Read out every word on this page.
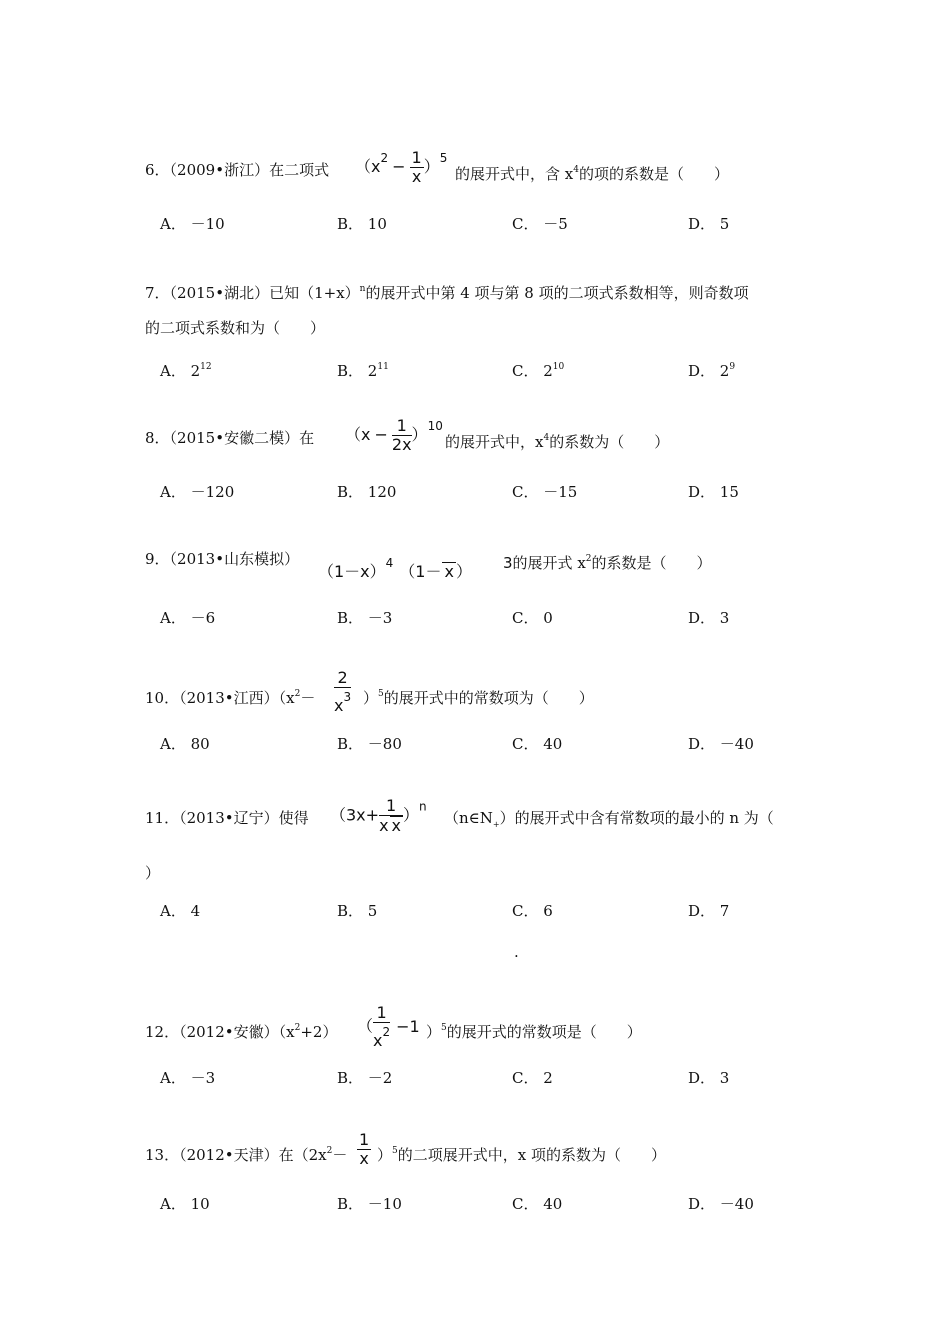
6．（2009•浙江）在二项式 $(x^2 - \frac{1}{x} )^5$
的展开式中，含 $x^4$的项的系数是（　　）
A． －10	B． 10	C． －5	D． 5
7．（2015•湖北）已知$(1+x)^n$的展开式中第 4 项与第 8 项的二项式系数相等，则奇数项
的二项式系数和为（　　）
A． $2^{12}$	B． $2^{11}$	C． $2^{10}$	D． $2^9$
8．（2015•安徽二模）在 $(x - \frac{1}{2x} )^{10}$
的展开式中，$x^4$的系数为（　　）
A． －120	B． 120	C． －15	D． 15
9．（2013•山东模拟）
$(1-x)^4$ （1－ x ） 3的展开式 $x^2$的系数是（　　）
A． －6	B． －3	C． 0	D． 3
10．（2013•江西）$(x^2- \frac{2}{x^3} )^5$的展开式中的常数项为（　　）
A． 80	B． －80	C． 40	D． －40
11．（2013•辽宁）使得 $(3x+ \frac{1}{\text{x x}} )^n$
$(n\in N_+)$的展开式中含有常数项的最小的 n 为（
）
A． 4	B． 5	C． 6	D． 7
.
12．（2012•安徽）$(x^2+2)$ （ $\frac{1}{x^2} -1$ ）$^5$的展开式的常数项是（　　）
A． －3	B． －2	C． 2	D． 3
13．（2012•天津）在$(2x^2- \frac{1}{x} )^5$的二项展开式中，x 项的系数为（　　）
A． 10	B． －10	C． 40	D． －40
